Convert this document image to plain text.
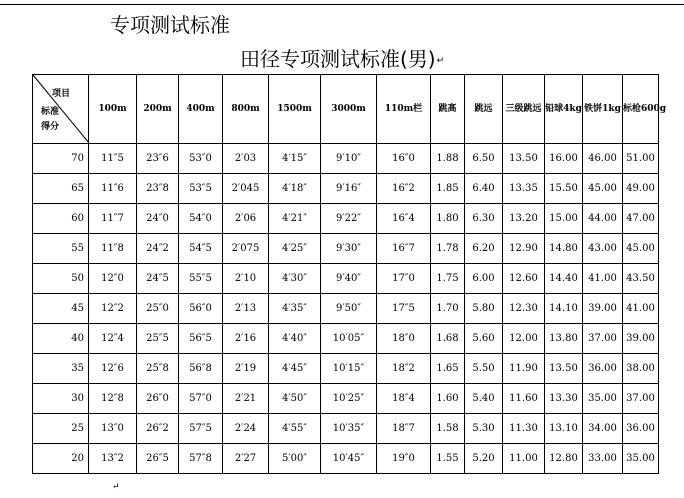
专项测试标准
田径专项测试标准(男)↵
项目
标准
得分	100m	200m	400m	800m	1500m	3000m	110m栏	跳高	跳远	三级跳远	铅球4kg	铁饼1kg	标枪600g
70	11″5	23″6	53″0	2′03	4′15″	9′10″	16″0	1.88	6.50	13.50	16.00	46.00	51.00
65	11″6	23″8	53″5	2′045	4′18″	9′16″	16″2	1.85	6.40	13.35	15.50	45.00	49.00
60	11″7	24″0	54″0	2′06	4′21″	9′22″	16″4	1.80	6.30	13.20	15.00	44.00	47.00
55	11″8	24″2	54″5	2′075	4′25″	9′30″	16″7	1.78	6.20	12.90	14.80	43.00	45.00
50	12″0	24″5	55″5	2′10	4′30″	9′40″	17″0	1.75	6.00	12.60	14.40	41.00	43.50
45	12″2	25″0	56″0	2′13	4′35″	9′50″	17″5	1.70	5.80	12.30	14.10	39.00	41.00
40	12″4	25″5	56″5	2′16	4′40″	10′05″	18″0	1.68	5.60	12.00	13.80	37.00	39.00
35	12″6	25″8	56″8	2′19	4′45″	10′15″	18″2	1.65	5.50	11.90	13.50	36.00	38.00
30	12″8	26″0	57″0	2′21	4′50″	10′25″	18″4	1.60	5.40	11.60	13.30	35.00	37.00
25	13″0	26″2	57″5	2′24	4′55″	10′35″	18″7	1.58	5.30	11.30	13.10	34.00	36.00
20	13″2	26″5	57″8	2′27	5′00″	10′45″	19″0	1.55	5.20	11.00	12.80	33.00	35.00
↵
